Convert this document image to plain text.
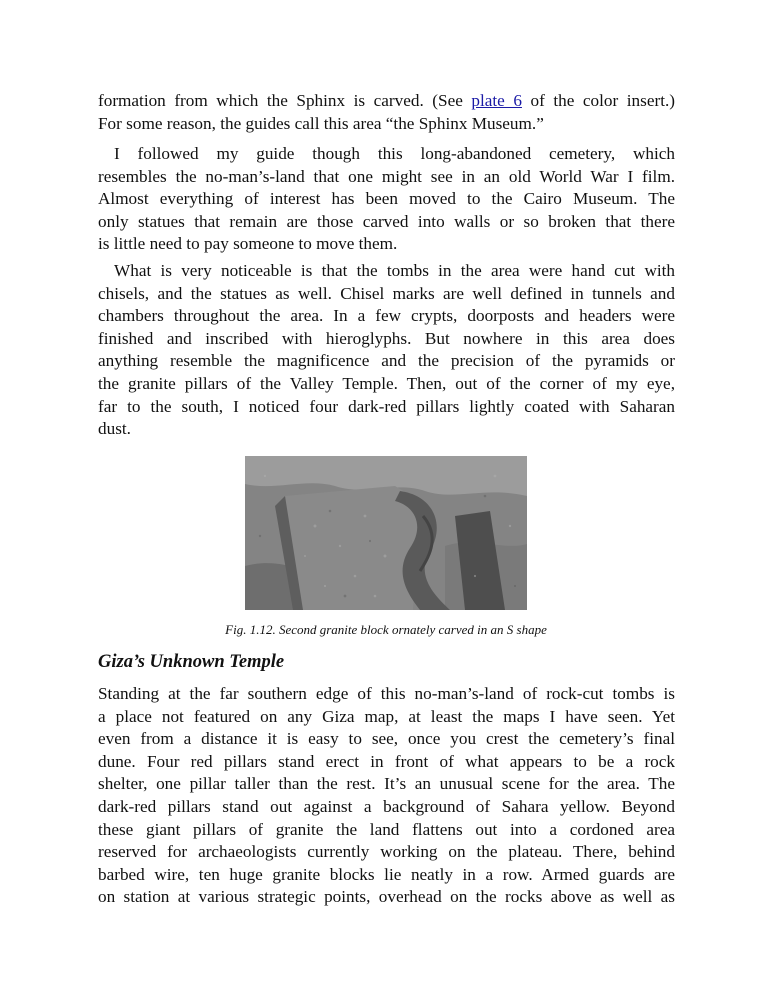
formation from which the Sphinx is carved. (See plate 6 of the color insert.)
For some reason, the guides call this area “the Sphinx Museum.”
I followed my guide though this long-abandoned cemetery, which
resembles the no-man’s-land that one might see in an old World War I film.
Almost everything of interest has been moved to the Cairo Museum. The
only statues that remain are those carved into walls or so broken that there
is little need to pay someone to move them.
What is very noticeable is that the tombs in the area were hand cut with
chisels, and the statues as well. Chisel marks are well defined in tunnels and
chambers throughout the area. In a few crypts, doorposts and headers were
finished and inscribed with hieroglyphs. But nowhere in this area does
anything resemble the magnificence and the precision of the pyramids or
the granite pillars of the Valley Temple. Then, out of the corner of my eye,
far to the south, I noticed four dark-red pillars lightly coated with Saharan
dust.
Fig. 1.12. Second granite block ornately carved in an S shape
Giza’s Unknown Temple
Standing at the far southern edge of this no-man’s-land of rock-cut tombs is
a place not featured on any Giza map, at least the maps I have seen. Yet
even from a distance it is easy to see, once you crest the cemetery’s final
dune. Four red pillars stand erect in front of what appears to be a rock
shelter, one pillar taller than the rest. It’s an unusual scene for the area. The
dark-red pillars stand out against a background of Sahara yellow. Beyond
these giant pillars of granite the land flattens out into a cordoned area
reserved for archaeologists currently working on the plateau. There, behind
barbed wire, ten huge granite blocks lie neatly in a row. Armed guards are
on station at various strategic points, overhead on the rocks above as well as
